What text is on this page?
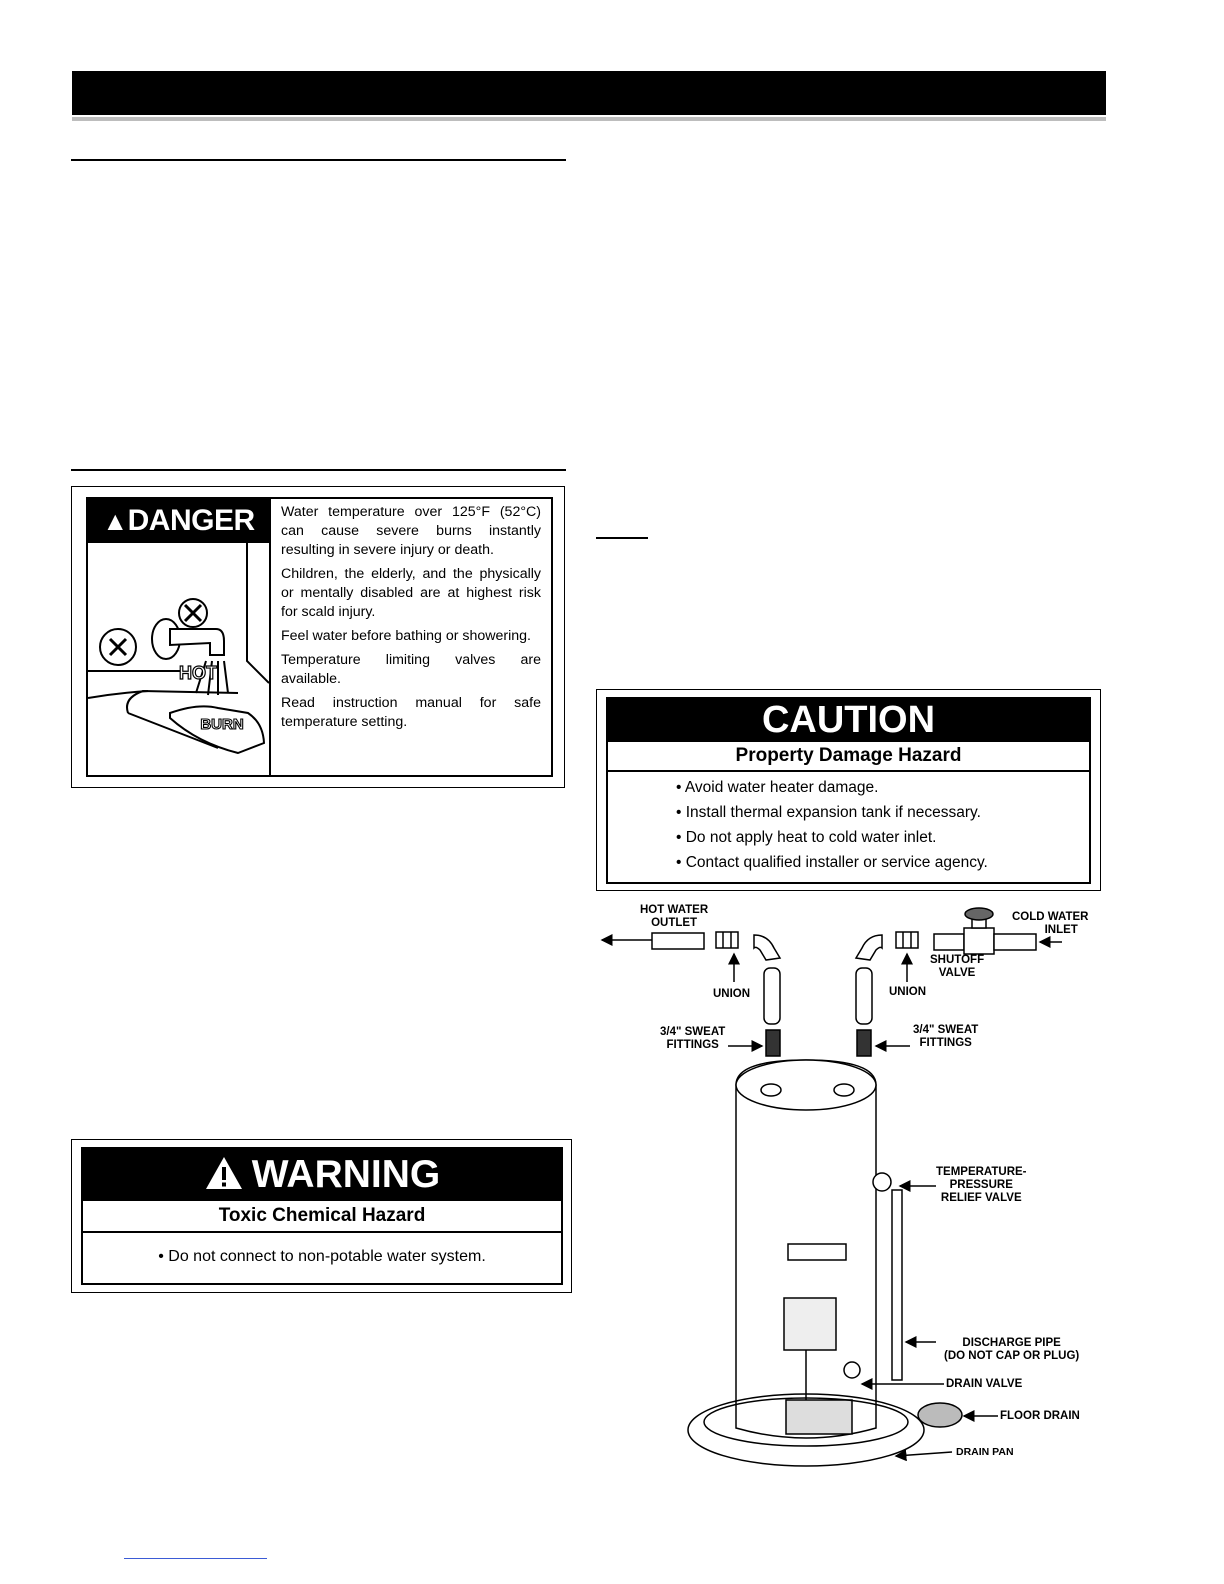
▲DANGER
HOT
BURN

Water temperature over 125°F (52°C) can cause severe burns instantly resulting in severe injury or death.

Children, the elderly, and the physically or mentally disabled are at highest risk for scald injury.

Feel water before bathing or showering.

Temperature limiting valves are available.

Read instruction manual for safe temperature setting.	CAUTION
Property Damage Hazard
• Avoid water heater damage.
• Install thermal expansion tank if necessary.
• Do not apply heat to cold water inlet.
• Contact qualified installer or service agency.
WARNING
Toxic Chemical Hazard
• Do not connect to non-potable water system.
HOT WATER
OUTLET	COLD WATER
INLET
UNION	UNION
SHUTOFF
VALVE
3/4" SWEAT
FITTINGS
3/4" SWEAT
FITTINGS
TEMPERATURE-
PRESSURE
RELIEF VALVE
DISCHARGE PIPE
(DO NOT CAP OR PLUG)
DRAIN VALVE
FLOOR DRAIN
DRAIN PAN
